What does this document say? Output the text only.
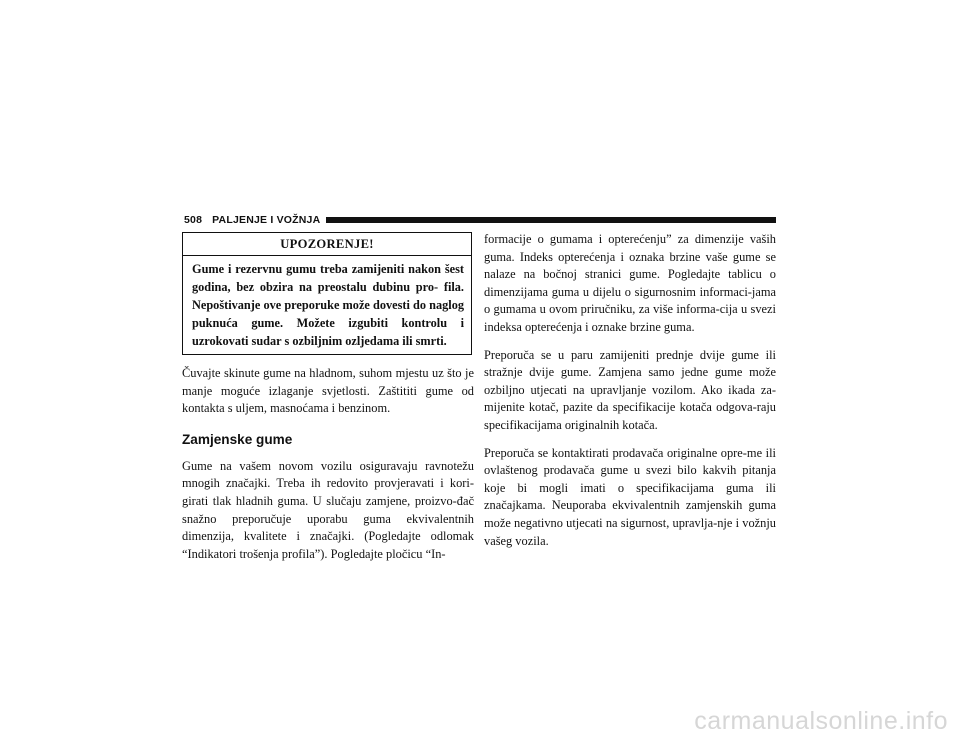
508 PALJENJE I VOŽNJA
UPOZORENJE!

Gume i rezervnu gumu treba zamijeniti nakon šest godina, bez obzira na preostalu dubinu pro- fila. Nepoštivanje ove preporuke može dovesti do naglog puknuća gume. Možete izgubiti kontrolu i uzrokovati sudar s ozbiljnim ozljedama ili smrti.

Čuvajte skinute gume na hladnom, suhom mjestu uz što je manje moguće izlaganje svjetlosti. Zaštititi gume od kontakta s uljem, masnoćama i benzinom.

Zamjenske gume

Gume na vašem novom vozilu osiguravaju ravnotežu mnogih značajki. Treba ih redovito provjeravati i kori-girati tlak hladnih guma. U slučaju zamjene, proizvo-đač snažno preporučuje uporabu guma ekvivalentnih dimenzija, kvalitete i značajki. (Pogledajte odlomak “Indikatori trošenja profila”). Pogledajte pločicu “In-

formacije o gumama i opterećenju” za dimenzije vaših guma. Indeks opterećenja i oznaka brzine vaše gume se nalaze na bočnoj stranici gume. Pogledajte tablicu o dimenzijama guma u dijelu o sigurnosnim informaci-jama o gumama u ovom priručniku, za više informa-cija u svezi indeksa opterećenja i oznake brzine guma.

Preporuča se u paru zamijeniti prednje dvije gume ili stražnje dvije gume. Zamjena samo jedne gume može ozbiljno utjecati na upravljanje vozilom. Ako ikada za-mijenite kotač, pazite da specifikacije kotača odgova-raju specifikacijama originalnih kotača.

Preporuča se kontaktirati prodavača originalne opre-me ili ovlaštenog prodavača gume u svezi bilo kakvih pitanja koje bi mogli imati o specifikacijama guma ili značajkama. Neuporaba ekvivalentnih zamjenskih guma može negativno utjecati na sigurnost, upravlja-nje i vožnju vašeg vozila.

carmanualsonline.info
